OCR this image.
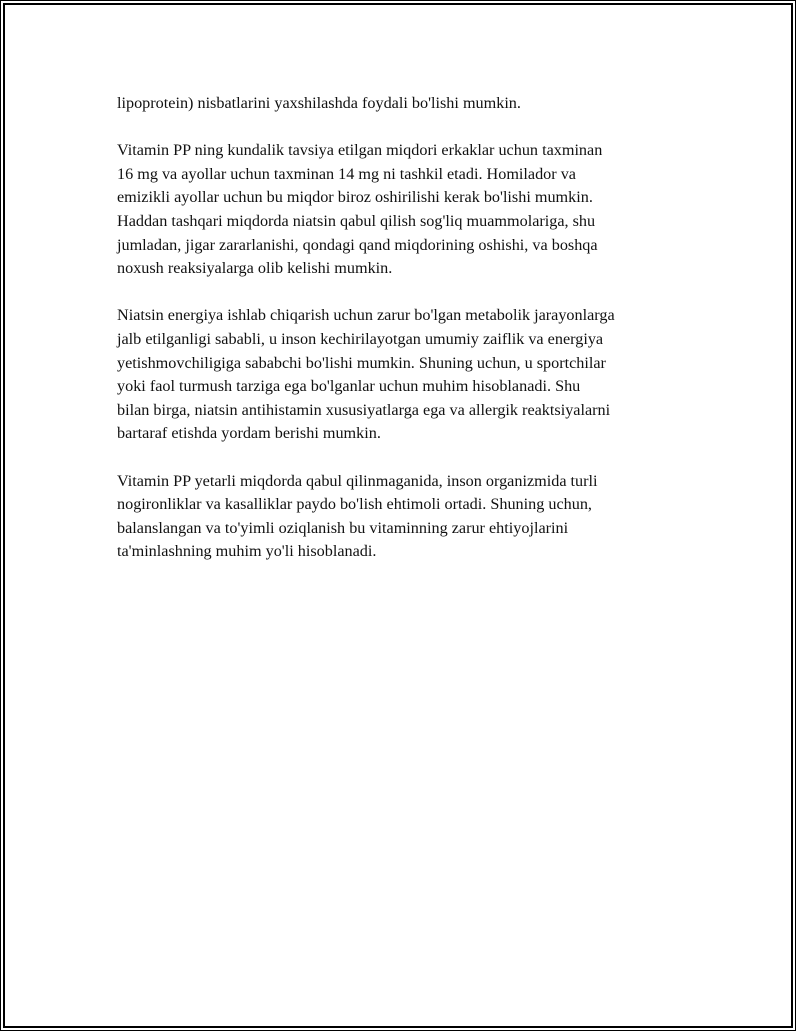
lipoprotein) nisbatlarini yaxshilashda foydali bo'lishi mumkin.

Vitamin PP ning kundalik tavsiya etilgan miqdori erkaklar uchun taxminan
16 mg va ayollar uchun taxminan 14 mg ni tashkil etadi. Homilador va
emizikli ayollar uchun bu miqdor biroz oshirilishi kerak bo'lishi mumkin.
Haddan tashqari miqdorda niatsin qabul qilish sog'liq muammolariga, shu
jumladan, jigar zararlanishi, qondagi qand miqdorining oshishi, va boshqa
noxush reaksiyalarga olib kelishi mumkin.

Niatsin energiya ishlab chiqarish uchun zarur bo'lgan metabolik jarayonlarga
jalb etilganligi sababli, u inson kechirilayotgan umumiy zaiflik va energiya
yetishmovchiligiga sababchi bo'lishi mumkin. Shuning uchun, u sportchilar
yoki faol turmush tarziga ega bo'lganlar uchun muhim hisoblanadi. Shu
bilan birga, niatsin antihistamin xususiyatlarga ega va allergik reaktsiyalarni
bartaraf etishda yordam berishi mumkin.

Vitamin PP yetarli miqdorda qabul qilinmaganida, inson organizmida turli
nogironliklar va kasalliklar paydo bo'lish ehtimoli ortadi. Shuning uchun,
balanslangan va to'yimli oziqlanish bu vitaminning zarur ehtiyojlarini
ta'minlashning muhim yo'li hisoblanadi.
